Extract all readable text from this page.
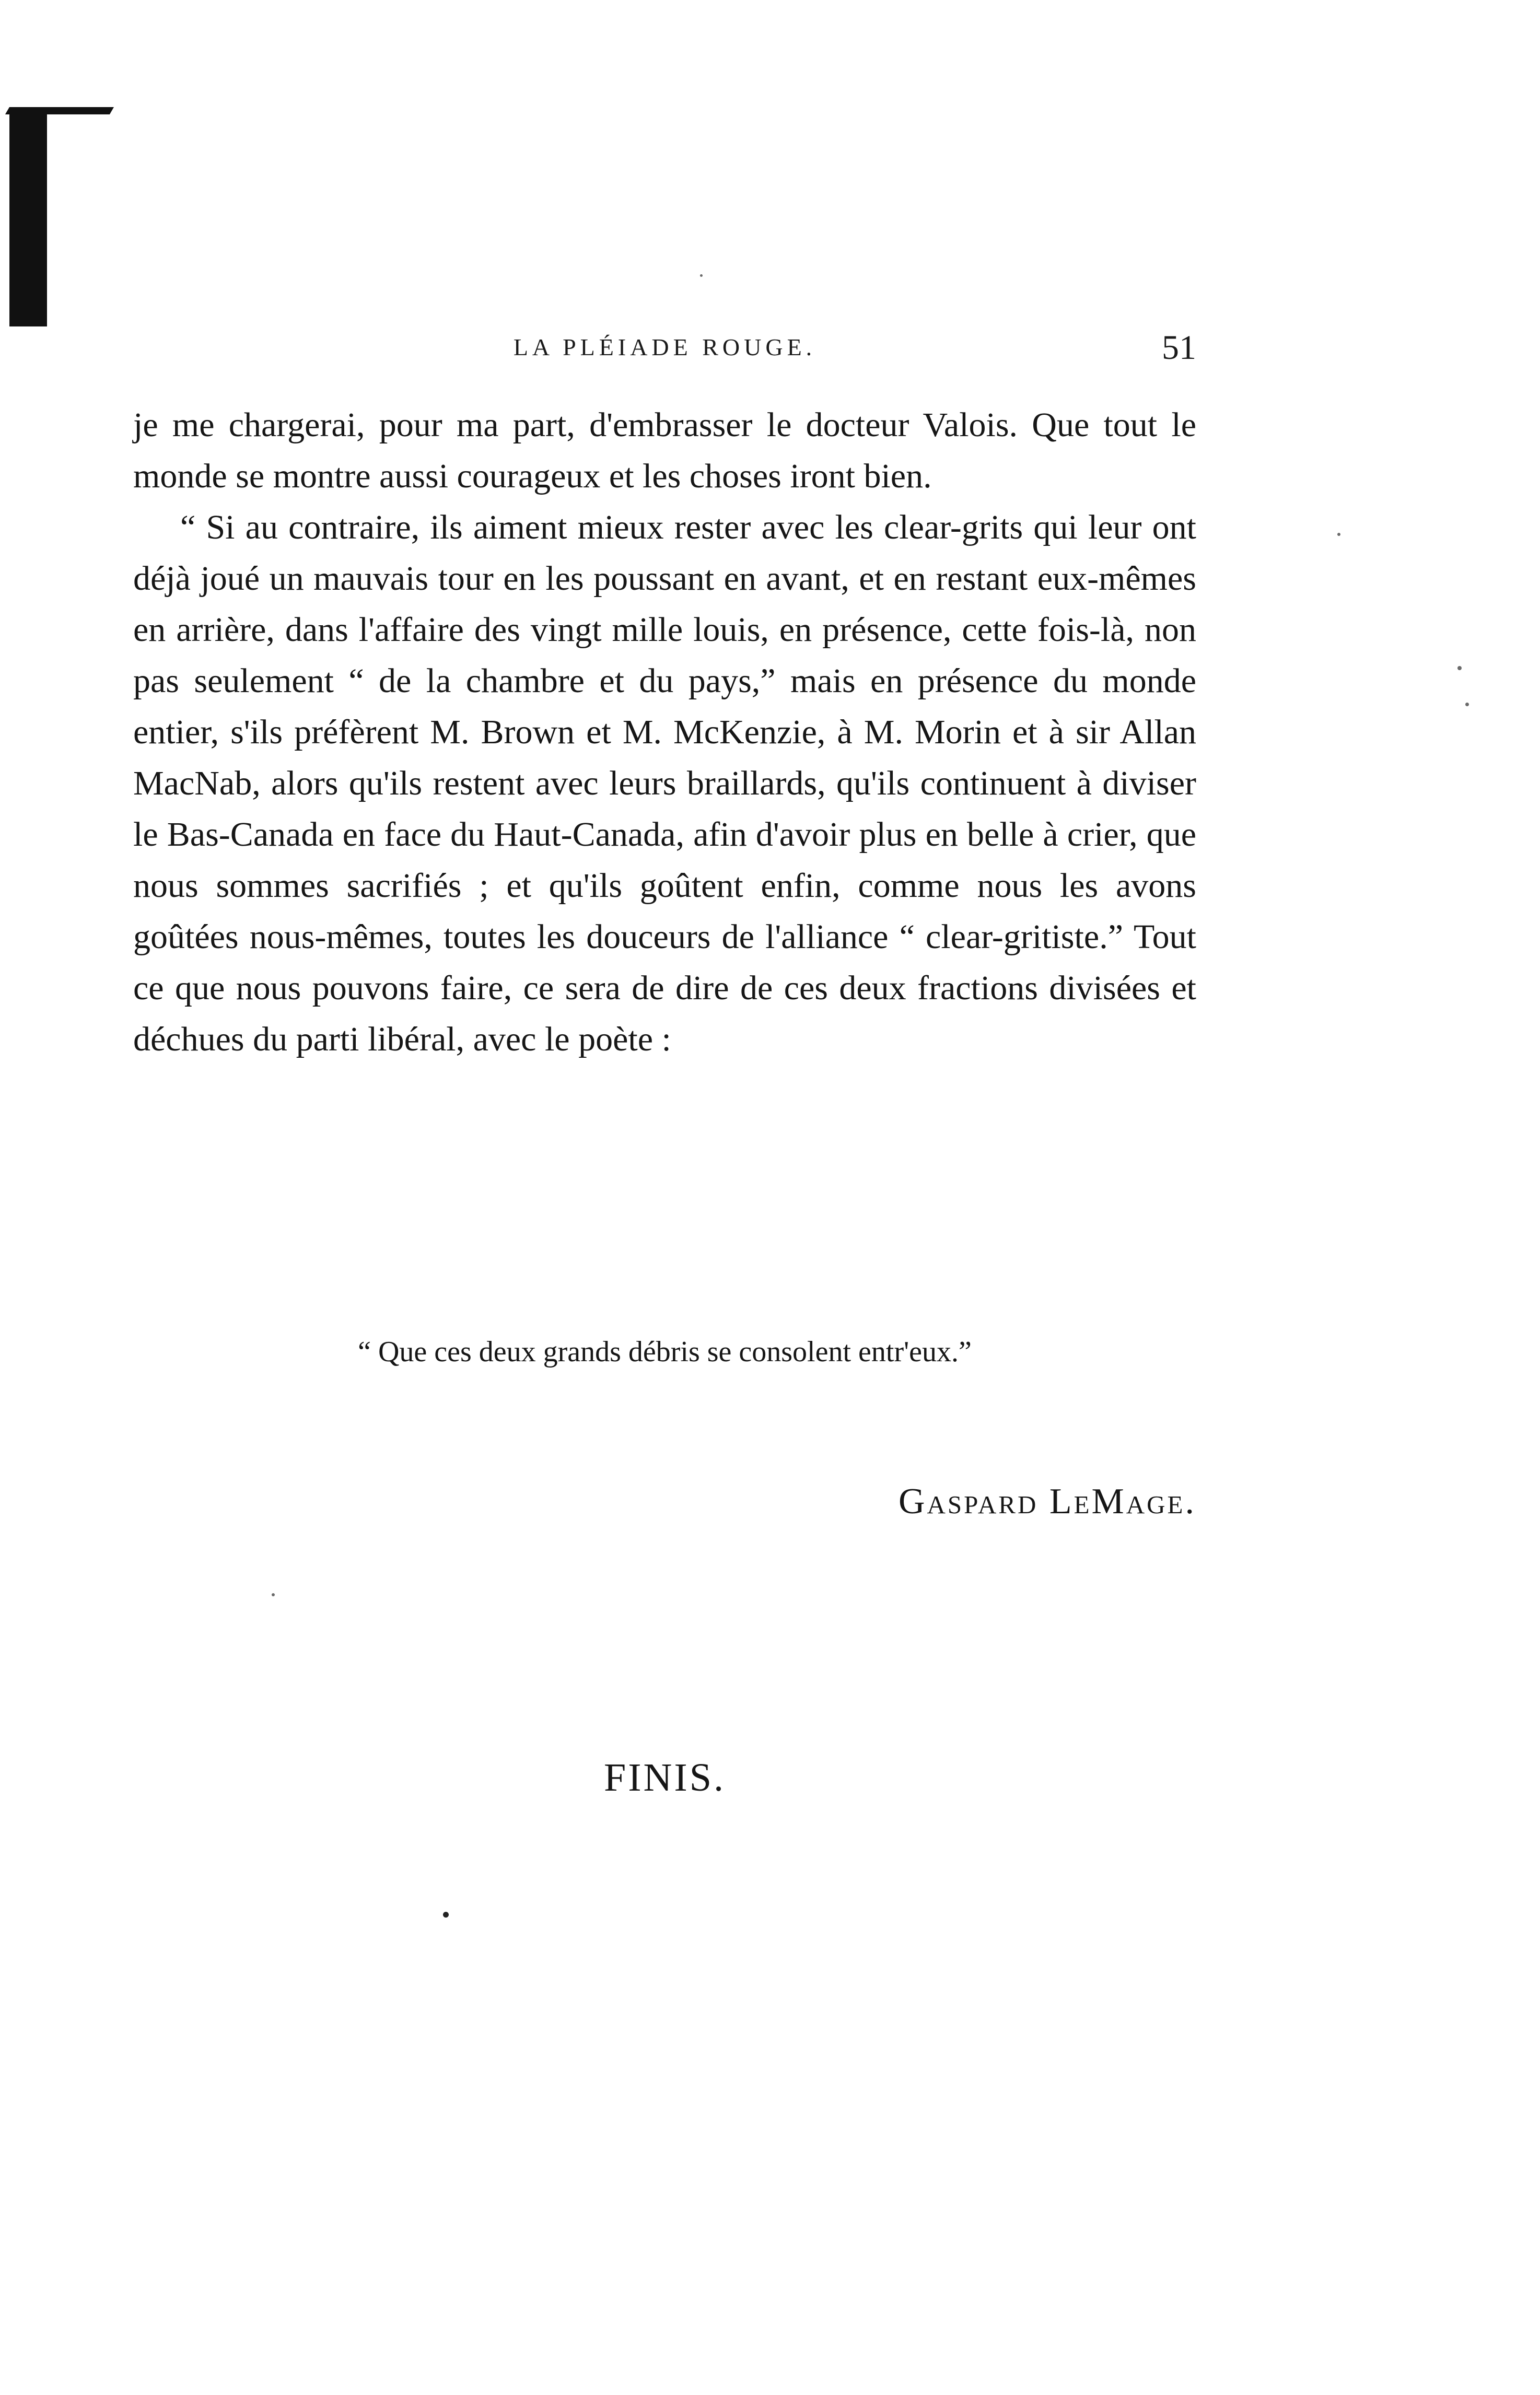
LA PLÉIADE ROUGE.	51

je me chargerai, pour ma part, d'embrasser le docteur Valois. Que tout le monde se montre aussi courageux et les choses iront bien.

“ Si au contraire, ils aiment mieux rester avec les clear-grits qui leur ont déjà joué un mauvais tour en les poussant en avant, et en restant eux-mêmes en arrière, dans l'affaire des vingt mille louis, en présence, cette fois-là, non pas seulement “ de la chambre et du pays,” mais en présence du monde entier, s'ils préfèrent M. Brown et M. McKenzie, à M. Morin et à sir Allan MacNab, alors qu'ils restent avec leurs braillards, qu'ils continuent à diviser le Bas-Canada en face du Haut-Canada, afin d'avoir plus en belle à crier, que nous sommes sacrifiés ; et qu'ils goûtent enfin, comme nous les avons goûtées nous-mêmes, toutes les douceurs de l'alliance “ clear-gritiste.” Tout ce que nous pouvons faire, ce sera de dire de ces deux fractions divisées et déchues du parti libéral, avec le poète :

“ Que ces deux grands débris se consolent entr'eux.”
Gaspard LeMage.
FINIS.
